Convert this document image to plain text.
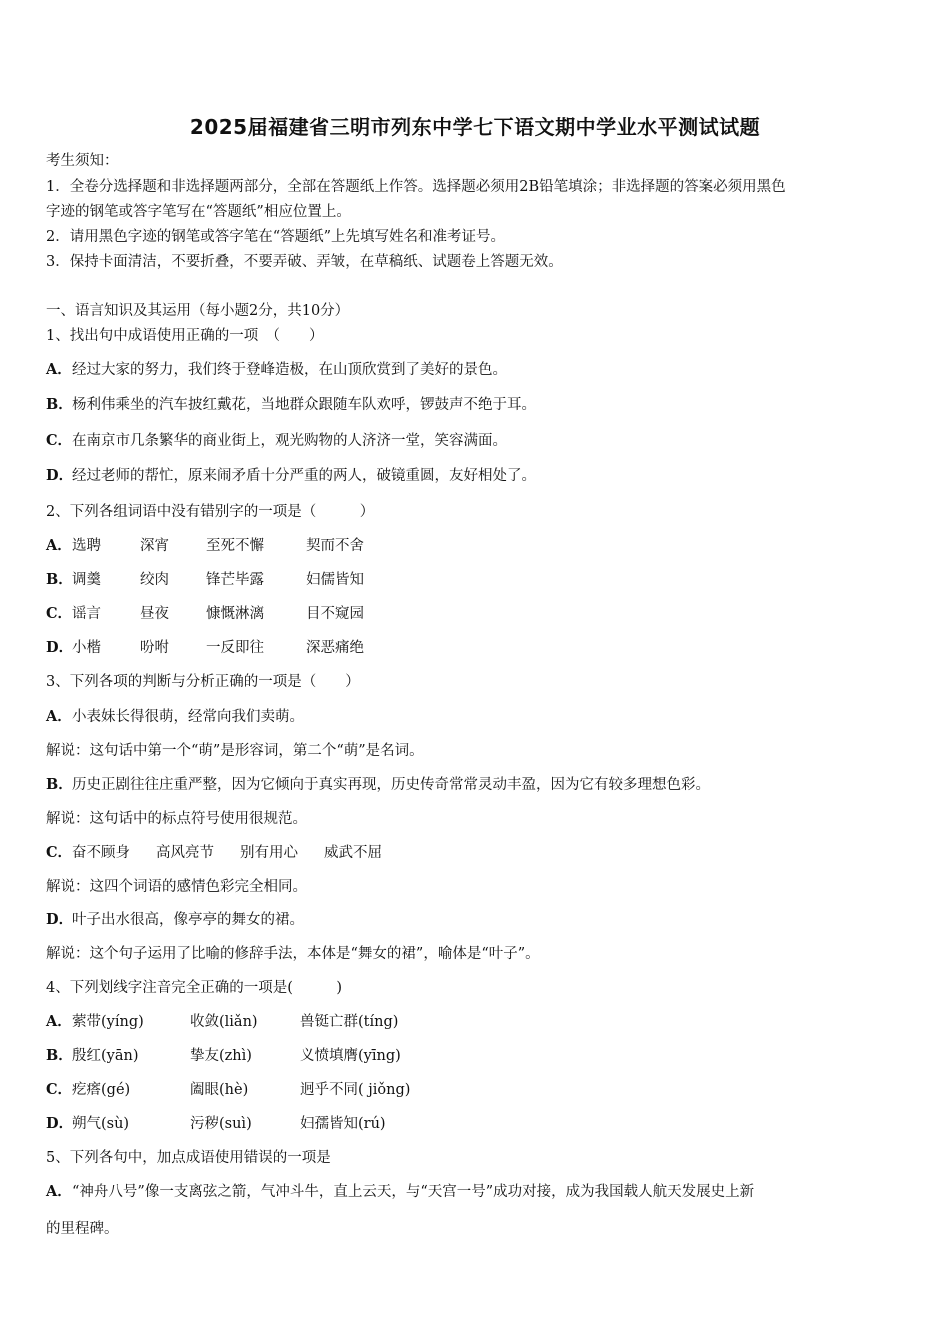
2025届福建省三明市列东中学七下语文期中学业水平测试试题
考生须知：
1．全卷分选择题和非选择题两部分，全部在答题纸上作答。选择题必须用2B铅笔填涂；非选择题的答案必须用黑色
字迹的钢笔或答字笔写在“答题纸”相应位置上。
2．请用黑色字迹的钢笔或答字笔在“答题纸”上先填写姓名和准考证号。
3．保持卡面清洁，不要折叠，不要弄破、弄皱，在草稿纸、试题卷上答题无效。
一、语言知识及其运用（每小题2分，共10分）
1、找出句中成语使用正确的一项　（　　）
A．经过大家的努力，我们终于登峰造极，在山顶欣赏到了美好的景色。
B．杨利伟乘坐的汽车披红戴花，当地群众跟随车队欢呼，锣鼓声不绝于耳。
C．在南京市几条繁华的商业街上，观光购物的人济济一堂，笑容满面。
D．经过老师的帮忙，原来闹矛盾十分严重的两人，破镜重圆，友好相处了。
2、下列各组词语中没有错别字的一项是（　　　）
A．选聘	深宵	至死不懈	契而不舍
B．调羹	绞肉	锋芒毕露	妇儒皆知
C．谣言	昼夜	慷慨淋漓	目不窥园
D．小楷	吩咐	一反即往	深恶痛绝
3、下列各项的判断与分析正确的一项是（　　）
A．小表妹长得很萌，经常向我们卖萌。
解说：这句话中第一个“萌”是形容词，第二个“萌”是名词。
B．历史正剧往往庄重严整，因为它倾向于真实再现，历史传奇常常灵动丰盈，因为它有较多理想色彩。
解说：这句话中的标点符号使用很规范。
C．奋不顾身 高风亮节 别有用心 威武不屈
解说：这四个词语的感情色彩完全相同。
D．叶子出水很高，像亭亭的舞女的裙。
解说：这个句子运用了比喻的修辞手法，本体是“舞女的裙”，喻体是“叶子”。
4、下列划线字注音完全正确的一项是(　　　)
A．萦带(yíng)	收敛(liǎn)	兽铤亡群(tíng)
B．殷红(yān)	挚友(zhì)	义愤填膺(yīng)
C．疙瘩(gé)	阖眼(hè)	迥乎不同( jiǒng)
D．朔气(sù)	污秽(suì)	妇孺皆知(rú)
5、下列各句中，加点成语使用错误的一项是
A．“神舟八号”像一支离弦之箭，气冲斗牛，直上云天，与“天宫一号”成功对接，成为我国载人航天发展史上新
的里程碑。
